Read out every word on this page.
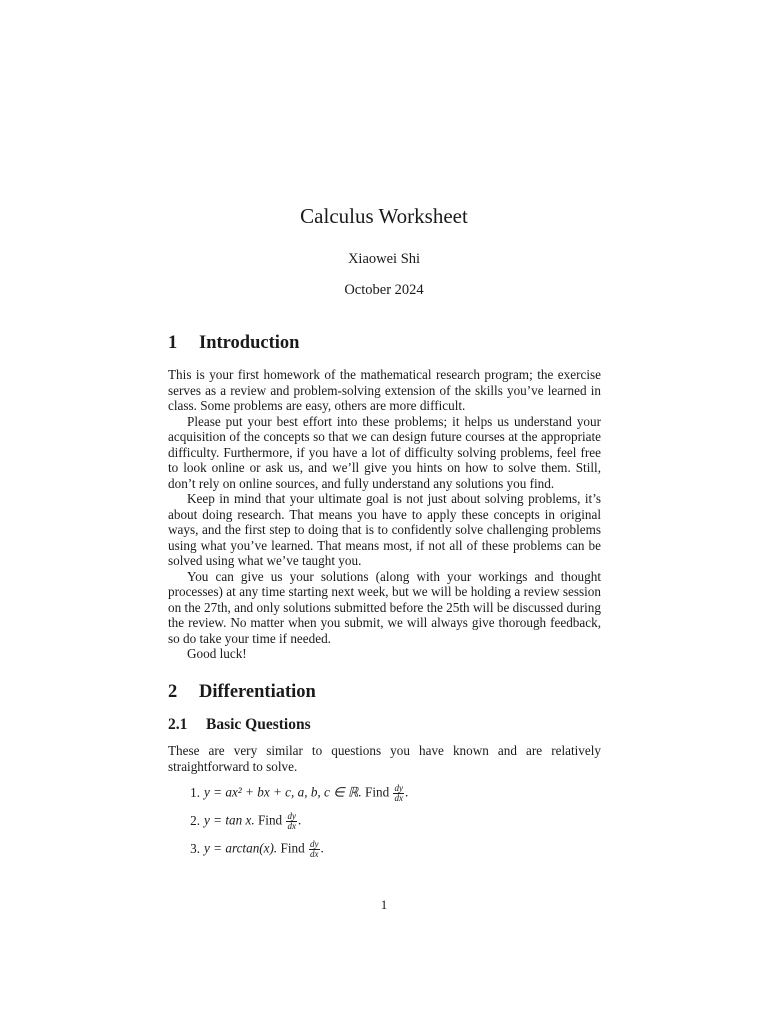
Calculus Worksheet
Xiaowei Shi
October 2024
1 Introduction

This is your first homework of the mathematical research program; the exercise serves as a review and problem-solving extension of the skills you’ve learned in class. Some problems are easy, others are more difficult.

Please put your best effort into these problems; it helps us understand your acquisition of the concepts so that we can design future courses at the appropriate difficulty. Furthermore, if you have a lot of difficulty solving problems, feel free to look online or ask us, and we’ll give you hints on how to solve them. Still, don’t rely on online sources, and fully understand any solutions you find.

Keep in mind that your ultimate goal is not just about solving problems, it’s about doing research. That means you have to apply these concepts in original ways, and the first step to doing that is to confidently solve challenging problems using what you’ve learned. That means most, if not all of these problems can be solved using what we’ve taught you.

You can give us your solutions (along with your workings and thought processes) at any time starting next week, but we will be holding a review session on the 27th, and only solutions submitted before the 25th will be discussed during the review. No matter when you submit, we will always give thorough feedback, so do take your time if needed.

Good luck!

2 Differentiation
2.1 Basic Questions

These are very similar to questions you have known and are relatively straightforward to solve.

1. y = ax² + bx + c, a, b, c ∈ ℝ. Find $\frac{dy}{dx}$ .
2. y = tan x. Find $\frac{dy}{dx}$ .
3. y = arctan(x). Find $\frac{dy}{dx}$ .
1
